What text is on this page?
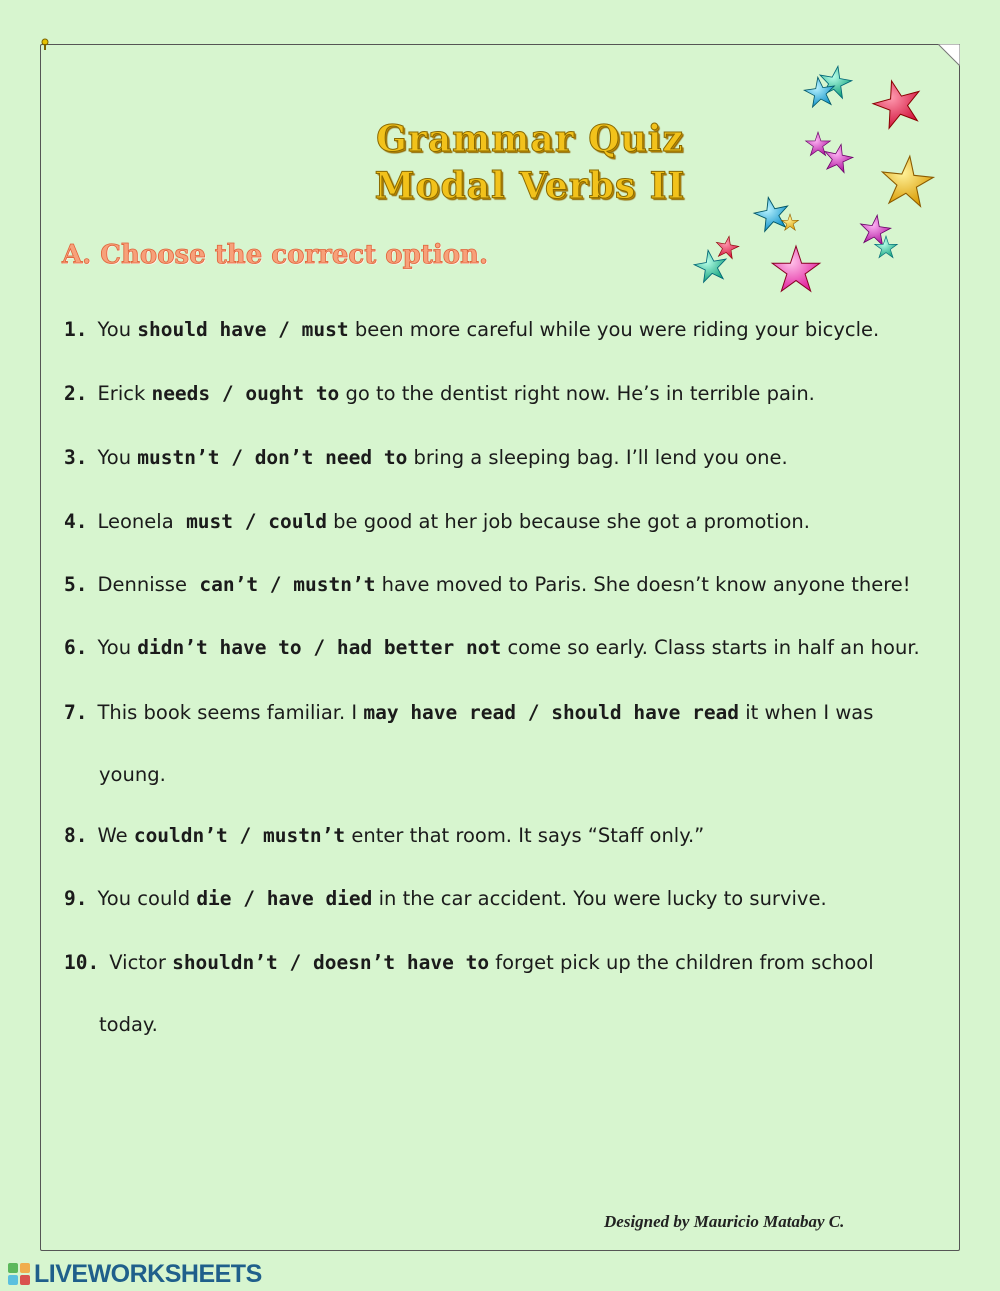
Grammar Quiz
Modal Verbs II
A. Choose the correct option.
1. You should have / must been more careful while you were riding your bicycle.
2. Erick needs / ought to go to the dentist right now. He’s in terrible pain.
3. You mustn’t / don’t need to bring a sleeping bag. I’ll lend you one.
4. Leonela  must / could be good at her job because she got a promotion.
5. Dennisse  can’t / mustn’t have moved to Paris. She doesn’t know anyone there!
6. You didn’t have to / had better not come so early. Class starts in half an hour.
7. This book seems familiar. I may have read / should have read it when I was
young.
8. We couldn’t / mustn’t enter that room. It says “Staff only.”
9. You could die / have died in the car accident. You were lucky to survive.
10. Victor shouldn’t / doesn’t have to forget pick up the children from school
today.
Designed by Mauricio Matabay C.
LIVEWORKSHEETS
